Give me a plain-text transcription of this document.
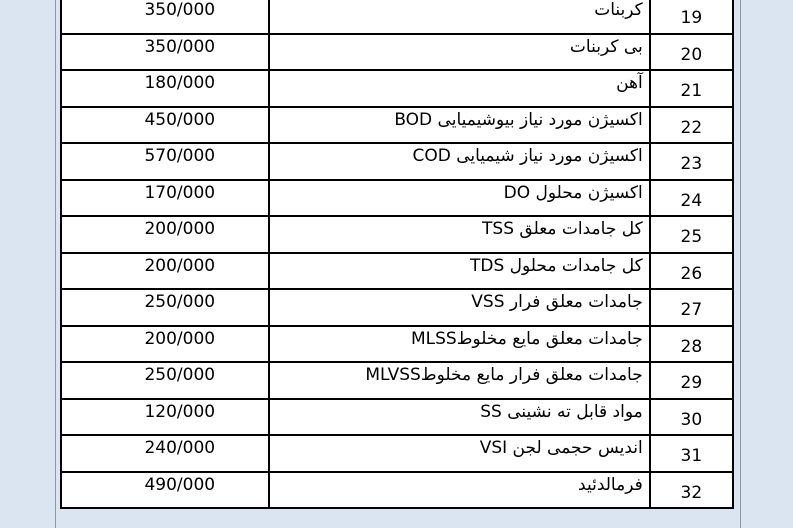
350/000	کربنات	19
350/000	بی کربنات	20
180/000	آهن	21
450/000	اکسیژن مورد نیاز بیوشیمیایی BOD	22
570/000	اکسیژن مورد نیاز شیمیایی COD	23
170/000	اکسیژن محلول DO	24
200/000	کل جامدات معلق TSS	25
200/000	کل جامدات محلول TDS	26
250/000	جامدات معلق فرار VSS	27
200/000	جامدات معلق مایع مخلوطMLSS	28
250/000	جامدات معلق فرار مایع مخلوطMLVSS	29
120/000	مواد قابل ته نشینی SS	30
240/000	اندیس حجمی لجن VSI	31
490/000	فرمالدئید	32
